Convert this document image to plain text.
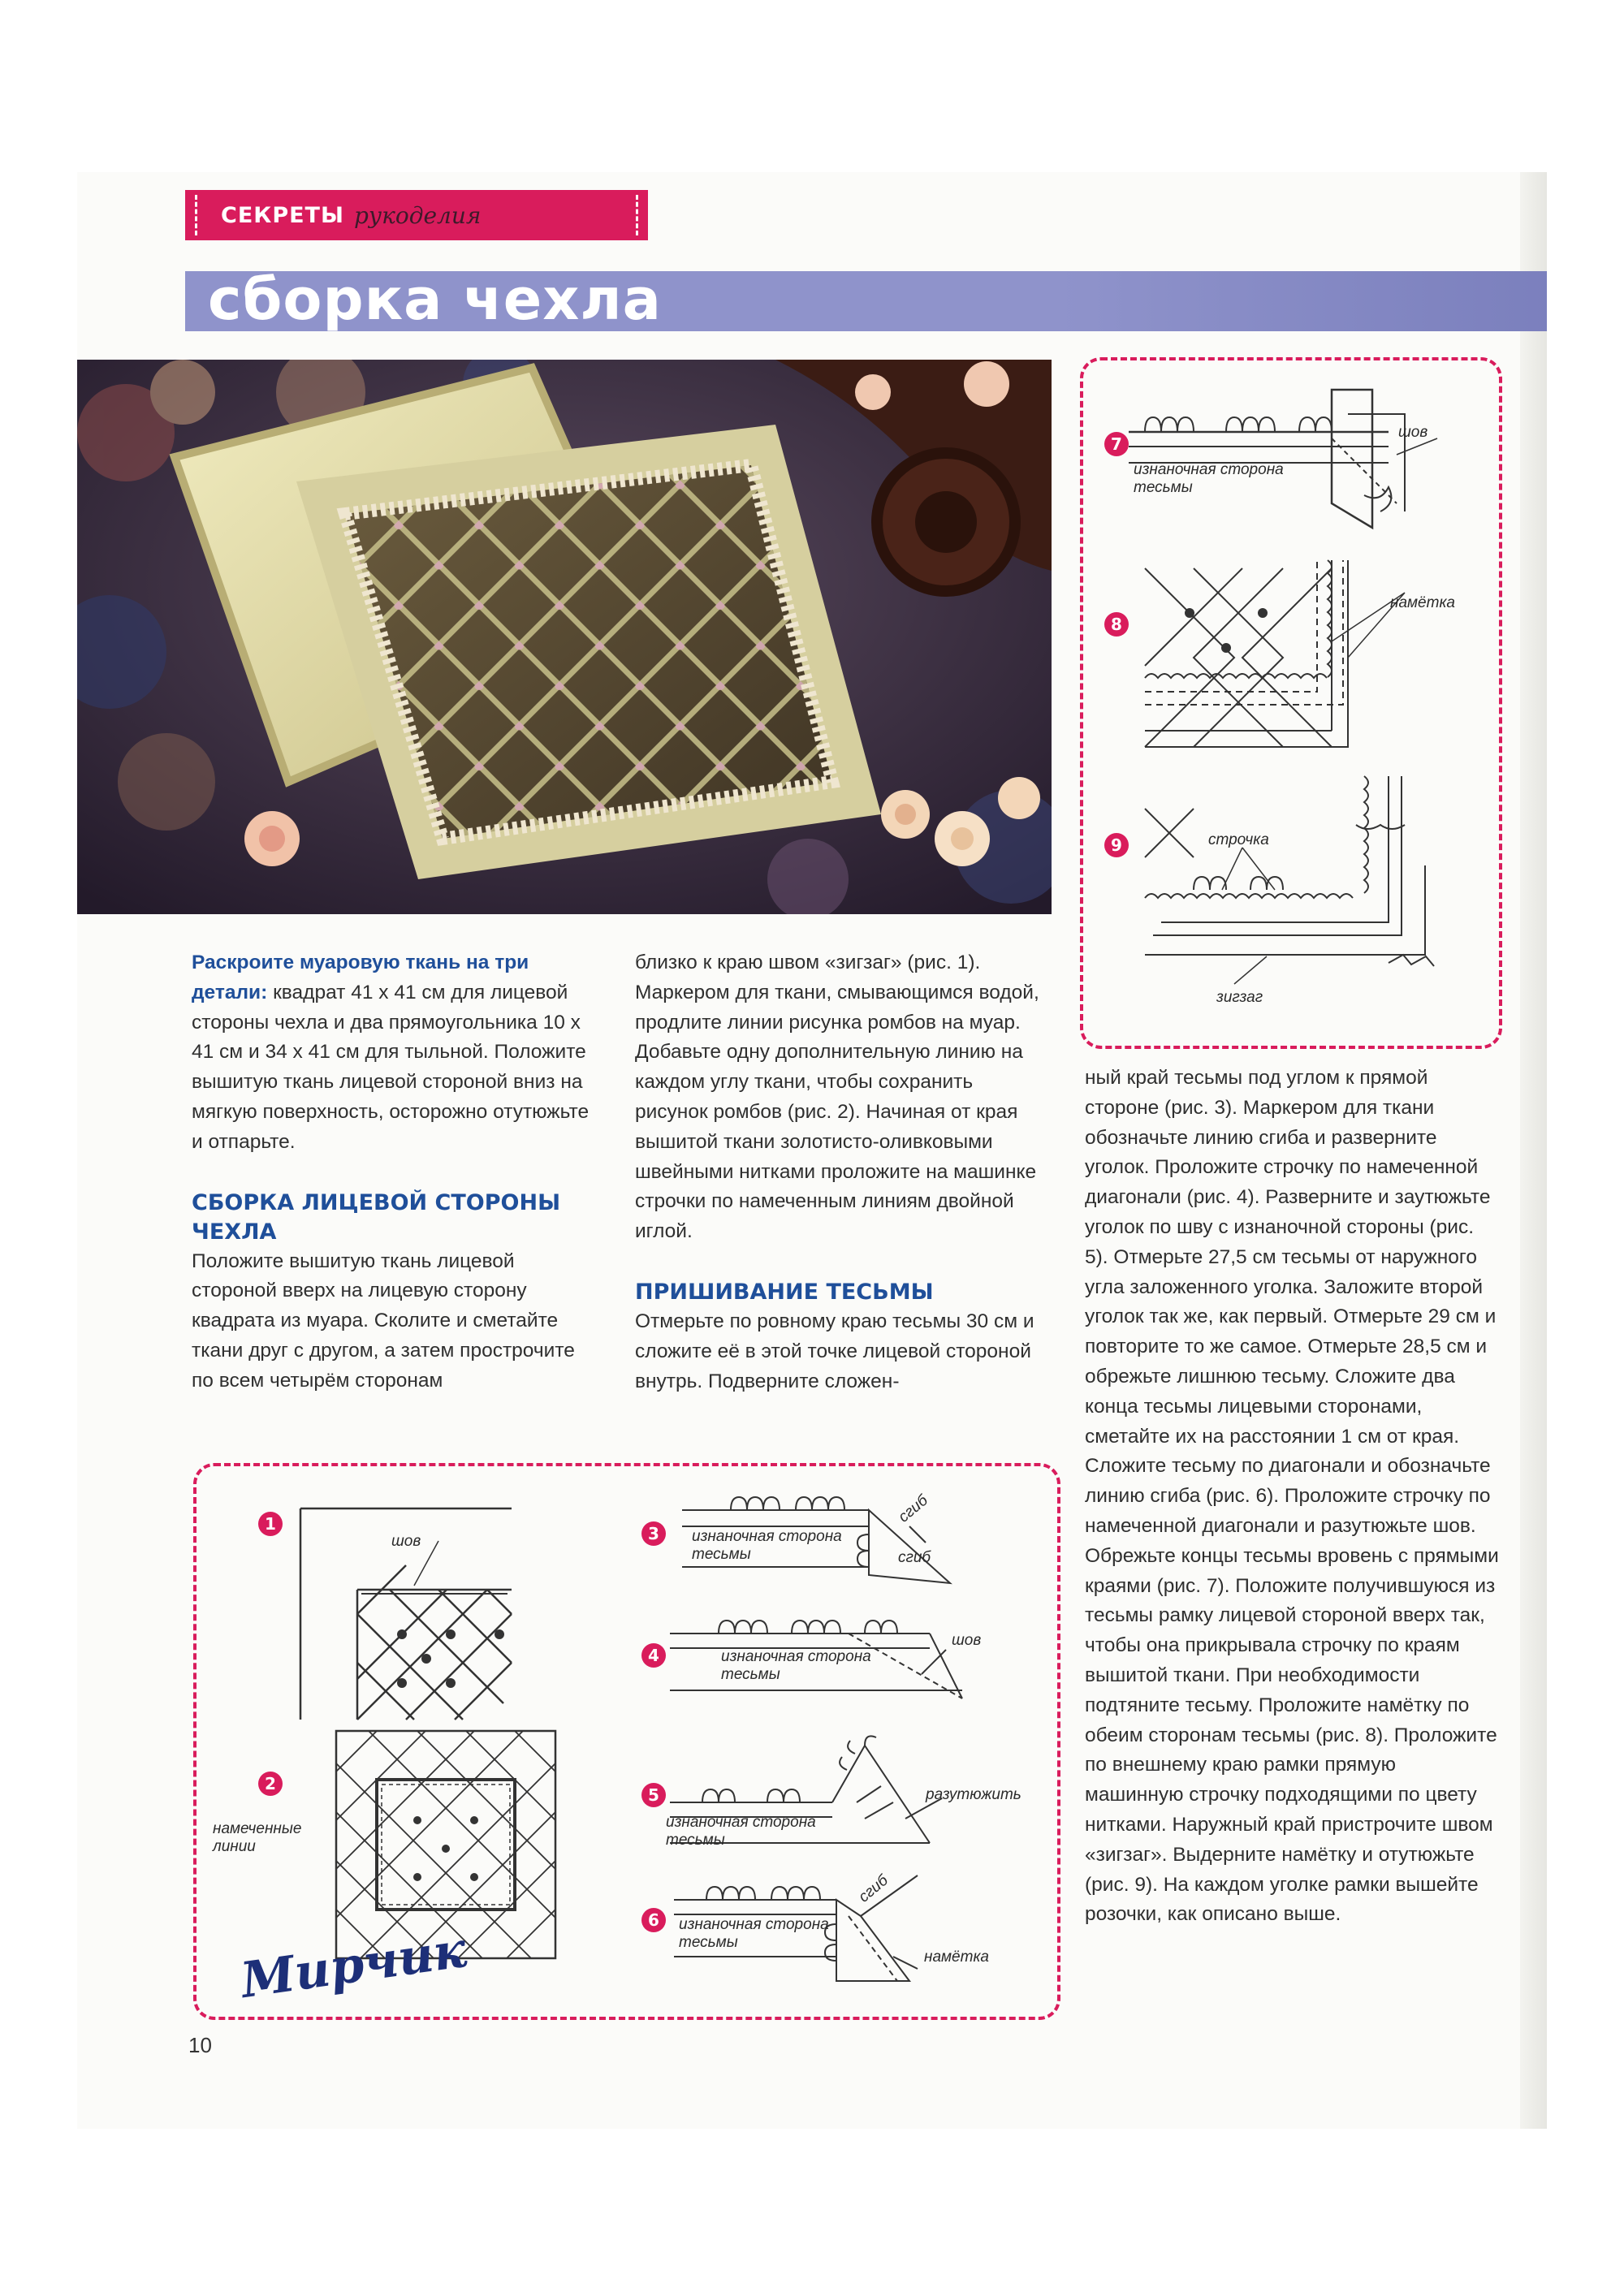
СЕКРЕТЫ рукоделия
сборка чехла

Раскроите муаровую ткань на три детали: квадрат 41 х 41 см для лицевой стороны чехла и два прямоугольника 10 х 41 см и 34 х 41 см для тыльной. Положите вышитую ткань лицевой стороной вниз на мягкую поверхность, осторожно отутюжьте и отпарьте.

СБОРКА ЛИЦЕВОЙ СТОРОНЫ ЧЕХЛА

Положите вышитую ткань лицевой стороной вверх на лицевую сторону квадрата из муара. Сколите и сметайте ткани друг с другом, а затем прострочите по всем четырём сторонам

близко к краю швом «зигзаг» (рис. 1). Маркером для ткани, смывающимся водой, продлите линии рисунка ромбов на муар. Добавьте одну дополнительную линию на каждом углу ткани, чтобы сохранить рисунок ромбов (рис. 2). Начиная от края вышитой ткани золотисто-оливковыми швейными нитками проложите на машинке строчки по намеченным линиям двойной иглой.

ПРИШИВАНИЕ ТЕСЬМЫ

Отмерьте по ровному краю тесьмы 30 см и сложите её в этой точке лицевой стороной внутрь. Подверните сложен-

ный край тесьмы под углом к прямой стороне (рис. 3). Маркером для ткани обозначьте линию сгиба и разверните уголок. Проложите строчку по намеченной диагонали (рис. 4). Разверните и заутюжьте уголок по шву с изнаночной стороны (рис. 5). Отмерьте 27,5 см тесьмы от наружного угла заложенного уголка. Заложите второй уголок так же, как первый. Отмерьте 29 см и повторите то же самое. Отмерьте 28,5 см и обрежьте лишнюю тесьму. Сложите два конца тесьмы лицевыми сторонами, сметайте их на расстоянии 1 см от края. Сложите тесьму по диагонали и обозначьте линию сгиба (рис. 6). Проложите строчку по намеченной диагонали и разутюжьте шов. Обрежьте концы тесьмы вровень с прямыми краями (рис. 7). Положите получившуюся из тесьмы рамку лицевой стороной вверх так, чтобы она прикрывала строчку по краям вышитой ткани. При необходимости подтяните тесьму. Проложите намётку по обеим сторонам тесьмы (рис. 8). Проложите по внешнему краю рамки прямую машинную строчку подходящими по цвету нитками. Наружный край пристрочите швом «зигзаг». Выдерните намётку и отутюжьте (рис. 9). На каждом уголке рамки вышейте розочки, как описано выше.

7
шов
изнаночная сторона тесьмы
8
намётка
9	строчка
зигзаг
1
шов
2
намеченные линии
3	изнаночная сторона тесьмы
сгиб
сгиб
4	изнаночная сторона тесьмы
шов
5
изнаночная сторона тесьмы
разутюжить
6	изнаночная сторона тесьмы
сгиб
намётка
Мирчик
10
